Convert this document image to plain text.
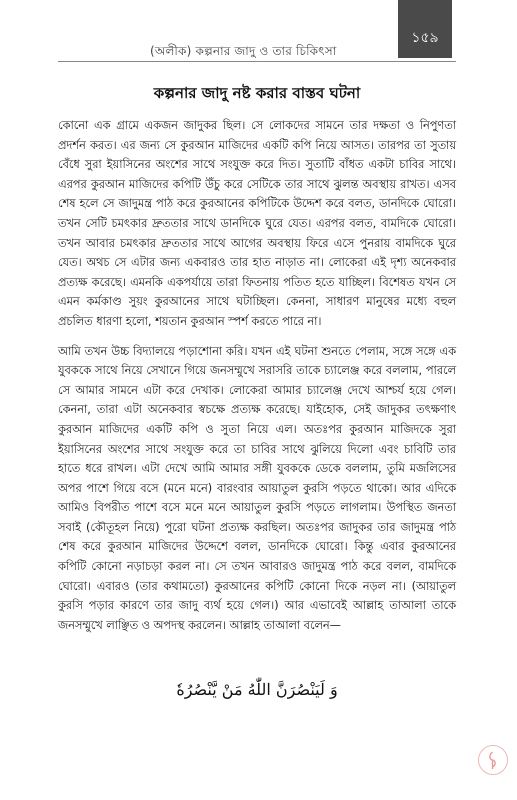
(অলীক) কল্পনার জাদু ও তার চিকিৎসা
১৫৯
কল্পনার জাদু নষ্ট করার বাস্তব ঘটনা

কোনো এক গ্রামে একজন জাদুকর ছিল। সে লোকদের সামনে তার দক্ষতা ও নিপুণতা প্রদর্শন করত। এর জন্য সে কুরআন মাজিদের একটি কপি নিয়ে আসত। তারপর তা সুতায় বেঁধে সুরা ইয়াসিনের অংশের সাথে সংযুক্ত করে দিত। সুতাটি বাঁধত একটা চাবির সাথে। এরপর কুরআন মাজিদের কপিটি উঁচু করে সেটিকে তার সাথে ঝুলন্ত অবস্থায় রাখত। এসব শেষ হলে সে জাদুমন্ত্র পাঠ করে কুরআনের কপিটিকে উদ্দেশ করে বলত, ডানদিকে ঘোরো। তখন সেটি চমৎকার দ্রুততার সাথে ডানদিকে ঘুরে যেত। এরপর বলত, বামদিকে ঘোরো। তখন আবার চমৎকার দ্রুততার সাথে আগের অবস্থায় ফিরে এসে পুনরায় বামদিকে ঘুরে যেত। অথচ সে এটার জন্য একবারও তার হাত নাড়াত না। লোকেরা এই দৃশ্য অনেকবার প্রত্যক্ষ করেছে। এমনকি একপর্যায়ে তারা ফিতনায় পতিত হতে যাচ্ছিল। বিশেষত যখন সে এমন কর্মকাণ্ড সুয়ং কুরআনের সাথে ঘটাচ্ছিল। কেননা, সাধারণ মানুষের মধ্যে বহুল প্রচলিত ধারণা হলো, শয়তান কুরআন স্পর্শ করতে পারে না।

আমি তখন উচ্চ বিদ্যালয়ে পড়াশোনা করি। যখন এই ঘটনা শুনতে পেলাম, সঙ্গে সঙ্গে এক যুবককে সাথে নিয়ে সেখানে গিয়ে জনসম্মুখে সরাসরি তাকে চ্যালেঞ্জ করে বললাম, পারলে সে আমার সামনে এটা করে দেখাক। লোকেরা আমার চ্যালেঞ্জ দেখে আশ্চর্য হয়ে গেল। কেননা, তারা এটা অনেকবার স্বচক্ষে প্রত্যক্ষ করেছে। যাইহোক, সেই জাদুকর তৎক্ষণাৎ কুরআন মাজিদের একটি কপি ও সুতা নিয়ে এল। অতঃপর কুরআন মাজিদকে সুরা ইয়াসিনের অংশের সাথে সংযুক্ত করে তা চাবির সাথে ঝুলিয়ে দিলো এবং চাবিটি তার হাতে ধরে রাখল। এটা দেখে আমি আমার সঙ্গী যুবককে ডেকে বললাম, তুমি মজলিসের অপর পাশে গিয়ে বসে (মনে মনে) বারংবার আয়াতুল কুরসি পড়তে থাকো। আর এদিকে আমিও বিপরীত পাশে বসে মনে মনে আয়াতুল কুরসি পড়তে লাগলাম। উপস্থিত জনতা সবাই (কৌতূহল নিয়ে) পুরো ঘটনা প্রত্যক্ষ করছিল। অতঃপর জাদুকর তার জাদুমন্ত্র পাঠ শেষ করে কুরআন মাজিদের উদ্দেশে বলল, ডানদিকে ঘোরো। কিন্তু এবার কুরআনের কপিটি কোনো নড়াচড়া করল না। সে তখন আবারও জাদুমন্ত্র পাঠ করে বলল, বামদিকে ঘোরো। এবারও (তার কথামতো) কুরআনের কপিটি কোনো দিকে নড়ল না। (আয়াতুল কুরসি পড়ার কারণে তার জাদু ব্যর্থ হয়ে গেল।) আর এভাবেই আল্লাহ তাআলা তাকে জনসম্মুখে লাঞ্ছিত ও অপদস্থ করলেন। আল্লাহ তাআলা বলেন—

وَ لَيَنْصُرَنَّ اللّٰهُ مَنْ يَّنْصُرُهٗ
